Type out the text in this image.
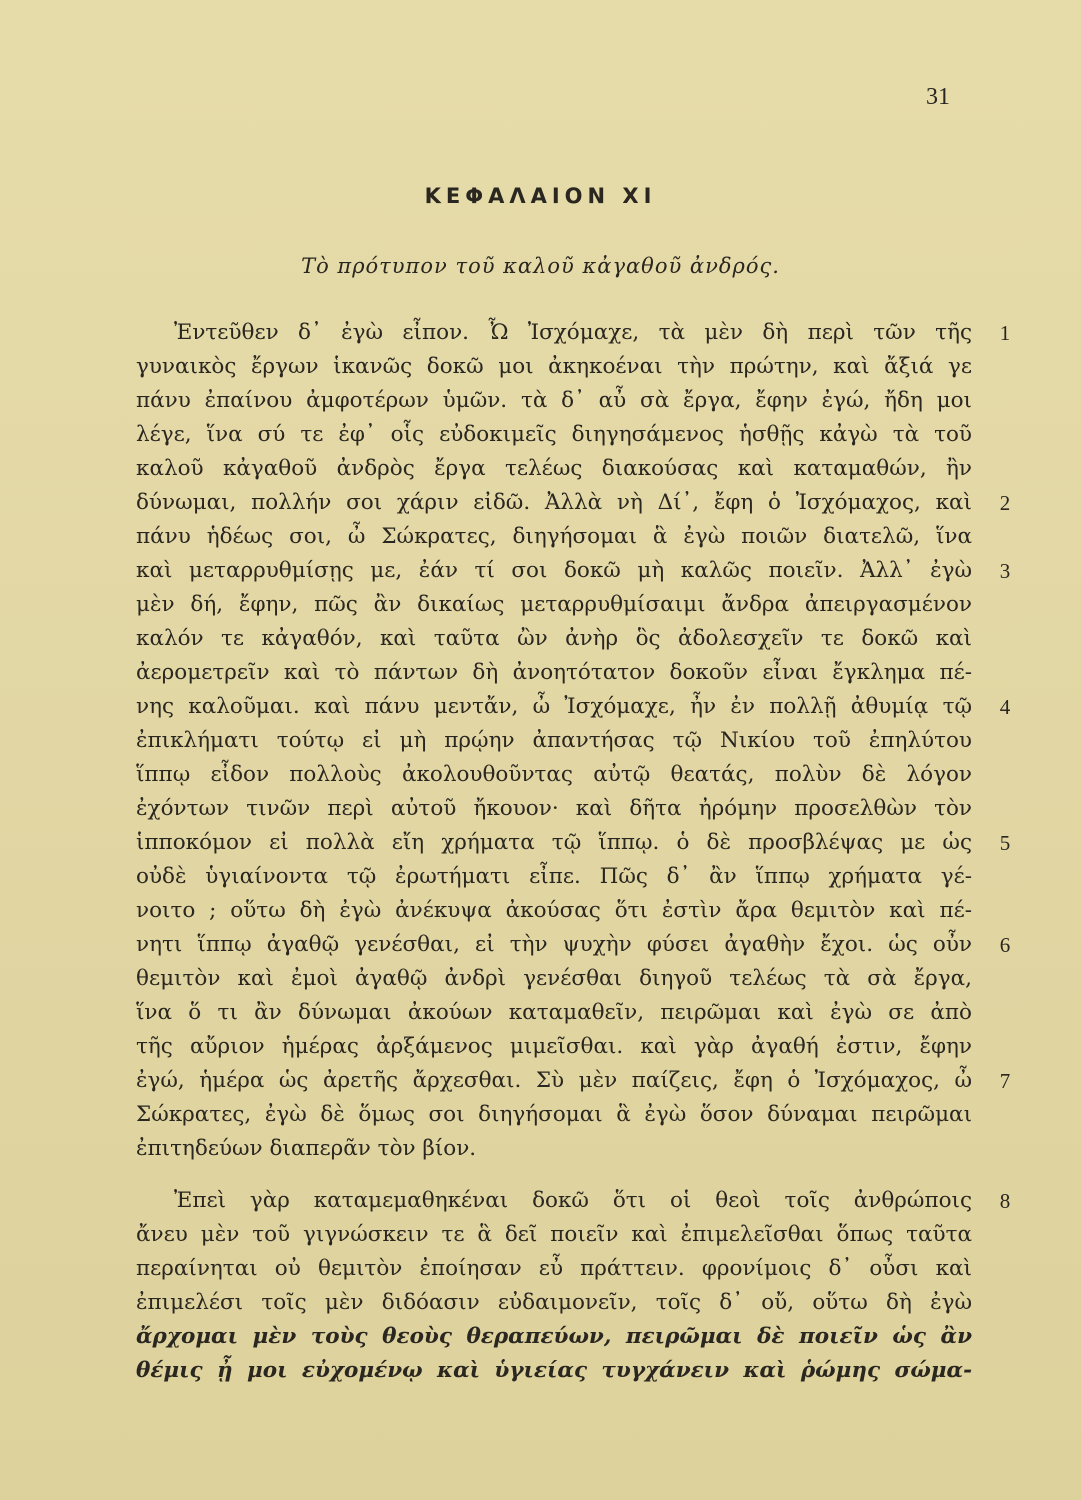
31
ΚΕΦΑΛΑΙΟΝ XI
Τὸ πρότυπον τοῦ καλοῦ κἀγαθοῦ ἀνδρός.
Ἐντεῦθεν δ᾿ ἐγὼ εἶπον. Ὦ Ἰσχόμαχε, τὰ μὲν δὴ περὶ τῶν τῆς
γυναικὸς ἔργων ἱκανῶς δοκῶ μοι ἀκηκοέναι τὴν πρώτην, καὶ ἄξιά γε
πάνυ ἐπαίνου ἀμφοτέρων ὑμῶν. τὰ δ᾿ αὖ σὰ ἔργα, ἔφην ἐγώ, ἤδη μοι
λέγε, ἵνα σύ τε ἐφ᾿ οἷς εὐδοκιμεῖς διηγησάμενος ἡσθῇς κἀγὼ τὰ τοῦ
καλοῦ κἀγαθοῦ ἀνδρὸς ἔργα τελέως διακούσας καὶ καταμαθών, ἢν
δύνωμαι, πολλήν σοι χάριν εἰδῶ. Ἀλλὰ νὴ Δί᾿, ἔφη ὁ Ἰσχόμαχος, καὶ
πάνυ ἡδέως σοι, ὦ Σώκρατες, διηγήσομαι ἃ ἐγὼ ποιῶν διατελῶ, ἵνα
καὶ μεταρρυθμίσῃς με, ἐάν τί σοι δοκῶ μὴ καλῶς ποιεῖν. Ἀλλ᾿ ἐγὼ
μὲν δή, ἔφην, πῶς ἂν δικαίως μεταρρυθμίσαιμι ἄνδρα ἀπειργασμένον
καλόν τε κἀγαθόν, καὶ ταῦτα ὢν ἀνὴρ ὃς ἀδολεσχεῖν τε δοκῶ καὶ
ἀερομετρεῖν καὶ τὸ πάντων δὴ ἀνοητότατον δοκοῦν εἶναι ἔγκλημα πέ-
νης καλοῦμαι. καὶ πάνυ μεντἄν, ὦ Ἰσχόμαχε, ἦν ἐν πολλῇ ἀθυμίᾳ τῷ
ἐπικλήματι τούτῳ εἰ μὴ πρῴην ἀπαντήσας τῷ Νικίου τοῦ ἐπηλύτου
ἵππῳ εἶδον πολλοὺς ἀκολουθοῦντας αὐτῷ θεατάς, πολὺν δὲ λόγον
ἐχόντων τινῶν περὶ αὐτοῦ ἤκουον· καὶ δῆτα ἠρόμην προσελθὼν τὸν
ἱπποκόμον εἰ πολλὰ εἴη χρήματα τῷ ἵππῳ. ὁ δὲ προσβλέψας με ὡς
οὐδὲ ὑγιαίνοντα τῷ ἐρωτήματι εἶπε. Πῶς δ᾿ ἂν ἵππῳ χρήματα γέ-
νοιτο ; οὕτω δὴ ἐγὼ ἀνέκυψα ἀκούσας ὅτι ἐστὶν ἄρα θεμιτὸν καὶ πέ-
νητι ἵππῳ ἀγαθῷ γενέσθαι, εἰ τὴν ψυχὴν φύσει ἀγαθὴν ἔχοι. ὡς οὖν
θεμιτὸν καὶ ἐμοὶ ἀγαθῷ ἀνδρὶ γενέσθαι διηγοῦ τελέως τὰ σὰ ἔργα,
ἵνα ὅ τι ἂν δύνωμαι ἀκούων καταμαθεῖν, πειρῶμαι καὶ ἐγὼ σε ἀπὸ
τῆς αὔριον ἡμέρας ἀρξάμενος μιμεῖσθαι. καὶ γὰρ ἀγαθή ἐστιν, ἔφην
ἐγώ, ἡμέρα ὡς ἀρετῆς ἄρχεσθαι. Σὺ μὲν παίζεις, ἔφη ὁ Ἰσχόμαχος, ὦ
Σώκρατες, ἐγὼ δὲ ὅμως σοι διηγήσομαι ἃ ἐγὼ ὅσον δύναμαι πειρῶμαι
ἐπιτηδεύων διαπερᾶν τὸν βίον.
Ἐπεὶ γὰρ καταμεμαθηκέναι δοκῶ ὅτι οἱ θεοὶ τοῖς ἀνθρώποις
ἄνευ μὲν τοῦ γιγνώσκειν τε ἃ δεῖ ποιεῖν καὶ ἐπιμελεῖσθαι ὅπως ταῦτα
περαίνηται οὐ θεμιτὸν ἐποίησαν εὖ πράττειν. φρονίμοις δ᾿ οὖσι καὶ
ἐπιμελέσι τοῖς μὲν διδόασιν εὐδαιμονεῖν, τοῖς δ᾿ οὔ, οὕτω δὴ ἐγὼ
ἄρχομαι μὲν τοὺς θεοὺς θεραπεύων, πειρῶμαι δὲ ποιεῖν ὡς ἂν
θέμις ᾖ μοι εὐχομένῳ καὶ ὑγιείας τυγχάνειν καὶ ῥώμης σώμα-
1
2
3
4
5
6
7
8
